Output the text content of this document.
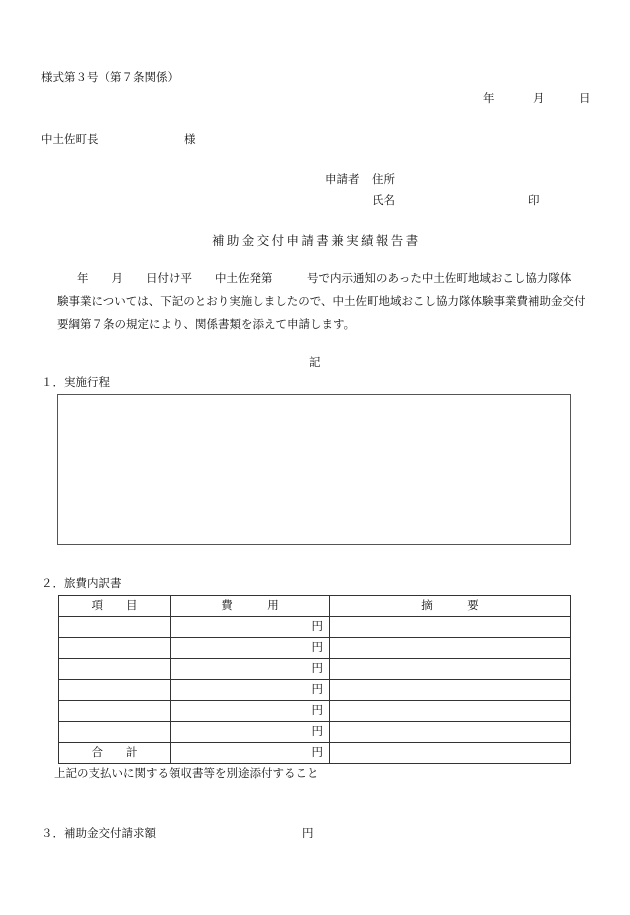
様式第３号（第７条関係）
年	月	日
中土佐町長	様
申請者 住所
氏名	印
補助金交付申請書兼実績報告書
年　　月　　日付け平　　中土佐発第　　　号で内示通知のあった中土佐町地域おこし協力隊体
験事業については、下記のとおり実施しましたので、中土佐町地域おこし協力隊体験事業費補助金交付
要綱第７条の規定により、関係書類を添えて申請します。
記
１．実施行程
２．旅費内訳書
項　　目	費　　　用	摘　　　要
	円	
	円	
	円	
	円	
	円	
	円	
合　　計	円	
上記の支払いに関する領収書等を別途添付すること
３．補助金交付請求額	円
